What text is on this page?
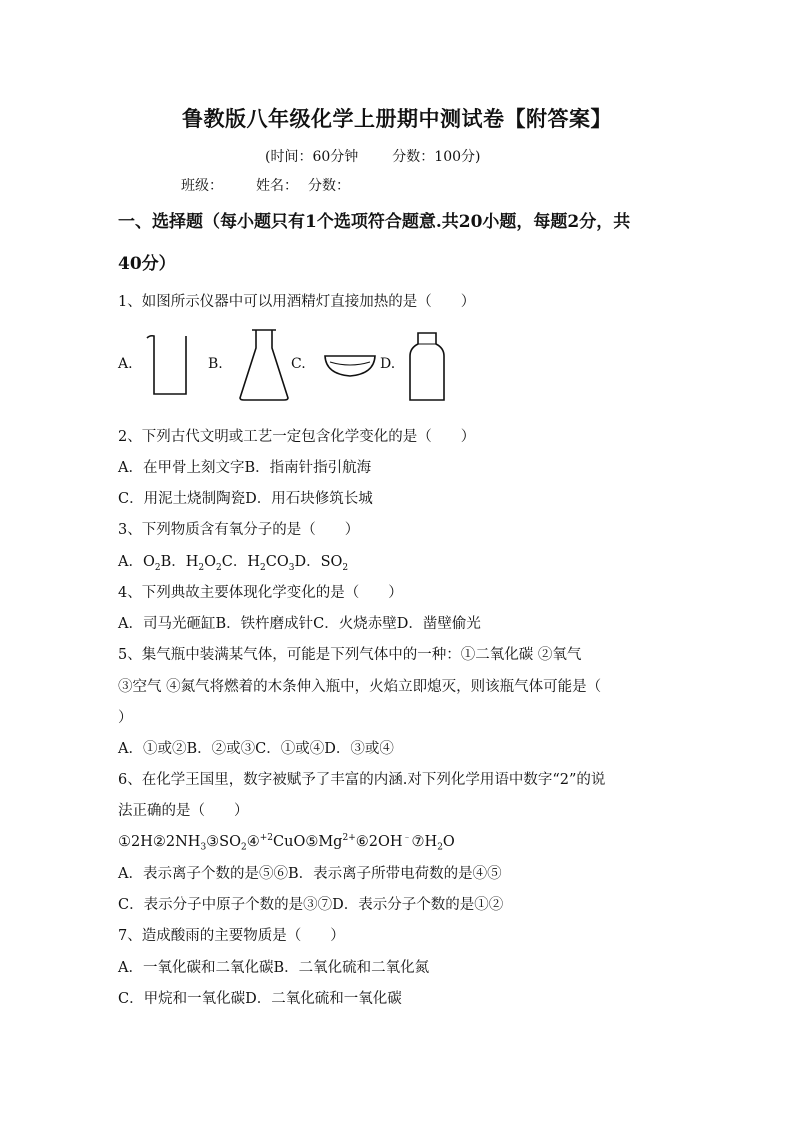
鲁教版八年级化学上册期中测试卷【附答案】
(时间：60分钟 分数：100分)
班级： 姓名： 分数：
一、选择题（每小题只有1个选项符合题意.共20小题，每题2分，共
40分）
1、如图所示仪器中可以用酒精灯直接加热的是（　　）
A.	B.	C.	D.
2、下列古代文明或工艺一定包含化学变化的是（　　）
A．在甲骨上刻文字B．指南针指引航海
C．用泥土烧制陶瓷D．用石块修筑长城
3、下列物质含有氧分子的是（　　）
A．$O_2B$．$H_2O_2C$．$H_2CO_3D$．$SO_2$
4、下列典故主要体现化学变化的是（　　）
A．司马光砸缸B．铁杵磨成针C．火烧赤壁D．凿壁偷光
5、集气瓶中装满某气体，可能是下列气体中的一种：①二氧化碳 ②氧气
③空气 ④氮气将燃着的木条伸入瓶中，火焰立即熄灭，则该瓶气体可能是（
）
A．①或②B．②或③C．①或④D．③或④
6、在化学王国里，数字被赋予了丰富的内涵.对下列化学用语中数字“2”的说
法正确的是（　　）
$①2H②2NH_3③SO_2④^{+2}CuO⑤Mg^{2+}⑥2OH^﹣⑦H_2O$
A．表示离子个数的是⑤⑥B．表示离子所带电荷数的是④⑤
C．表示分子中原子个数的是③⑦D．表示分子个数的是①②
7、造成酸雨的主要物质是（　　）
A．一氧化碳和二氧化碳B．二氧化硫和二氧化氮
C．甲烷和一氧化碳D．二氧化硫和一氧化碳
